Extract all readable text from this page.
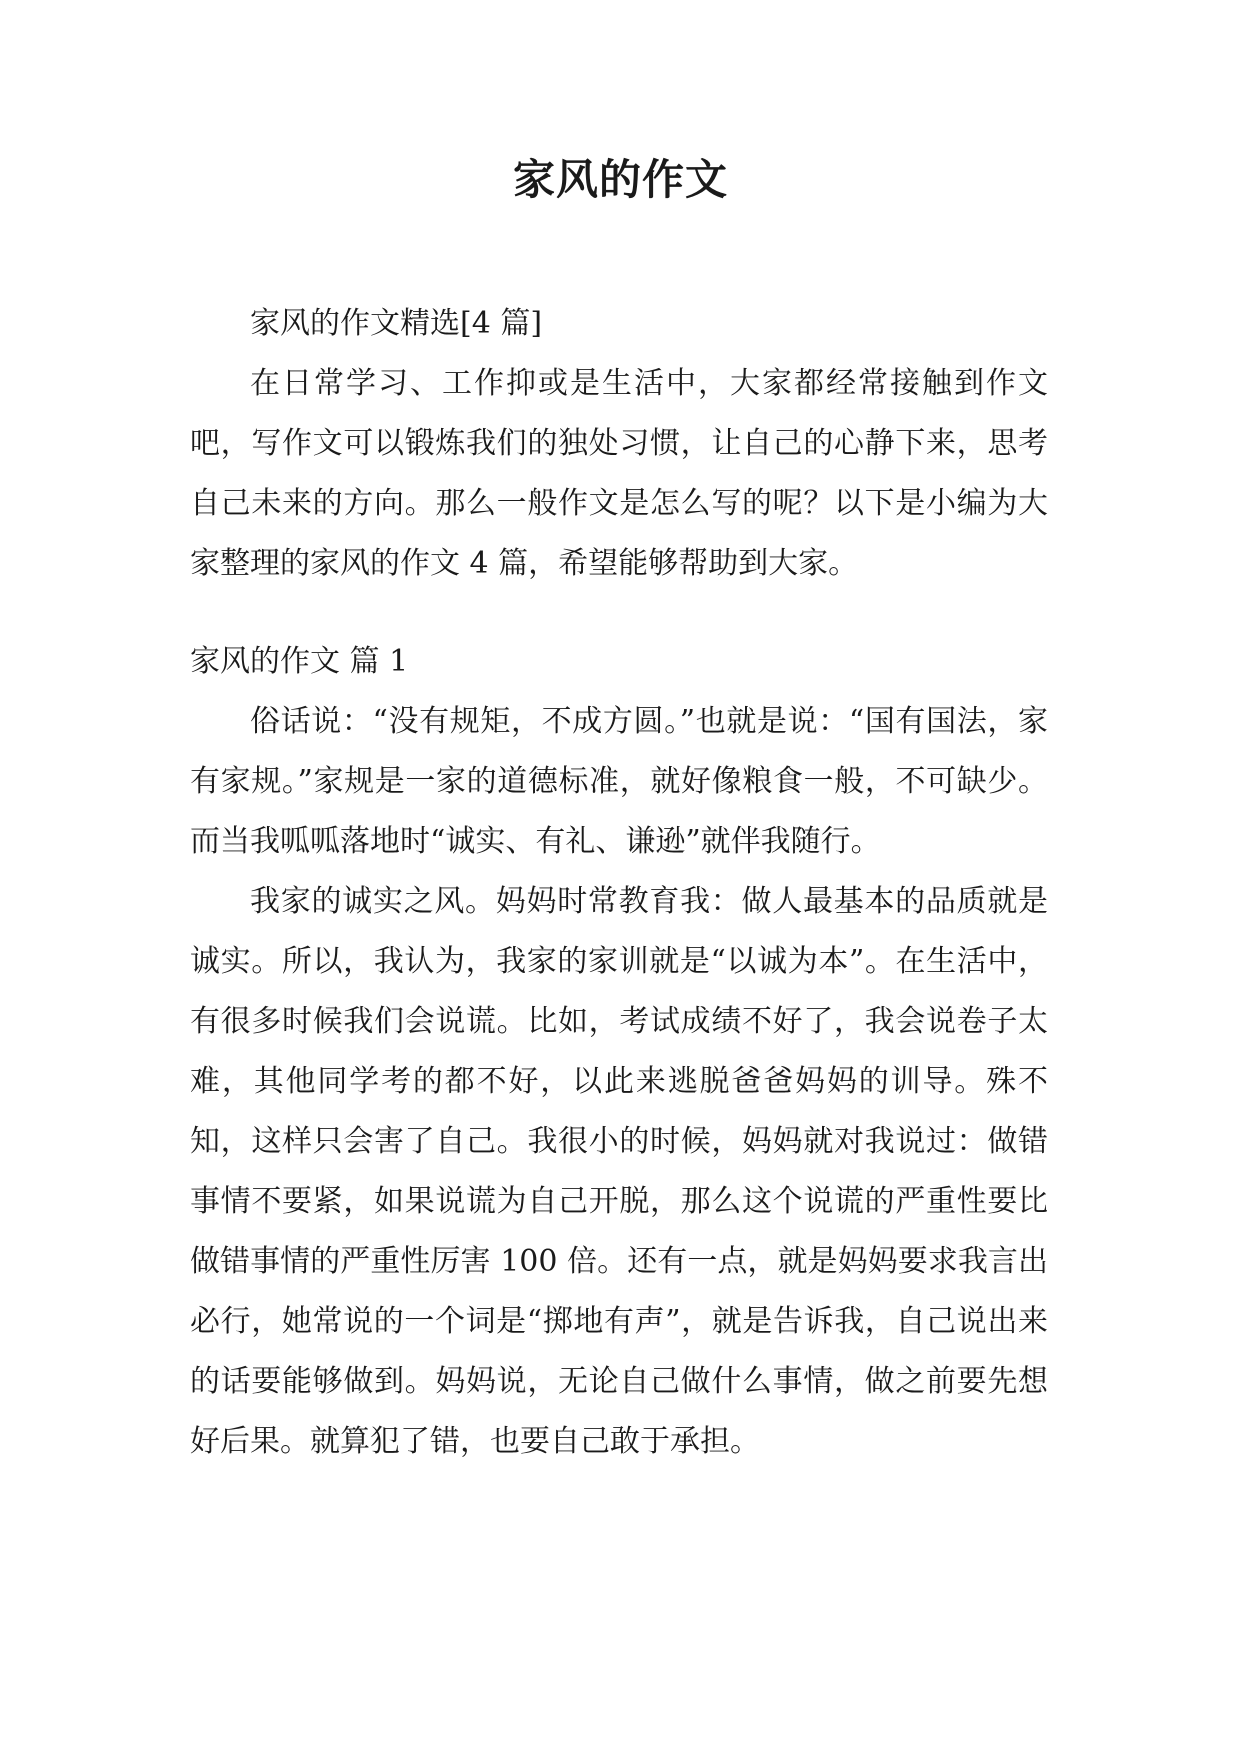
家风的作文

家风的作文精选[4 篇]

在日常学习、工作抑或是生活中，大家都经常接触到作文吧，写作文可以锻炼我们的独处习惯，让自己的心静下来，思考自己未来的方向。那么一般作文是怎么写的呢？以下是小编为大家整理的家风的作文 4 篇，希望能够帮助到大家。

家风的作文 篇 1

俗话说：“没有规矩，不成方圆。”也就是说：“国有国法，家有家规。”家规是一家的道德标准，就好像粮食一般，不可缺少。而当我呱呱落地时“诚实、有礼、谦逊”就伴我随行。

我家的诚实之风。妈妈时常教育我：做人最基本的品质就是诚实。所以，我认为，我家的家训就是“以诚为本”。在生活中，有很多时候我们会说谎。比如，考试成绩不好了，我会说卷子太难，其他同学考的都不好，以此来逃脱爸爸妈妈的训导。殊不知，这样只会害了自己。我很小的时候，妈妈就对我说过：做错事情不要紧，如果说谎为自己开脱，那么这个说谎的严重性要比做错事情的严重性厉害 100 倍。还有一点，就是妈妈要求我言出必行，她常说的一个词是“掷地有声”，就是告诉我，自己说出来的话要能够做到。妈妈说，无论自己做什么事情，做之前要先想好后果。就算犯了错，也要自己敢于承担。
